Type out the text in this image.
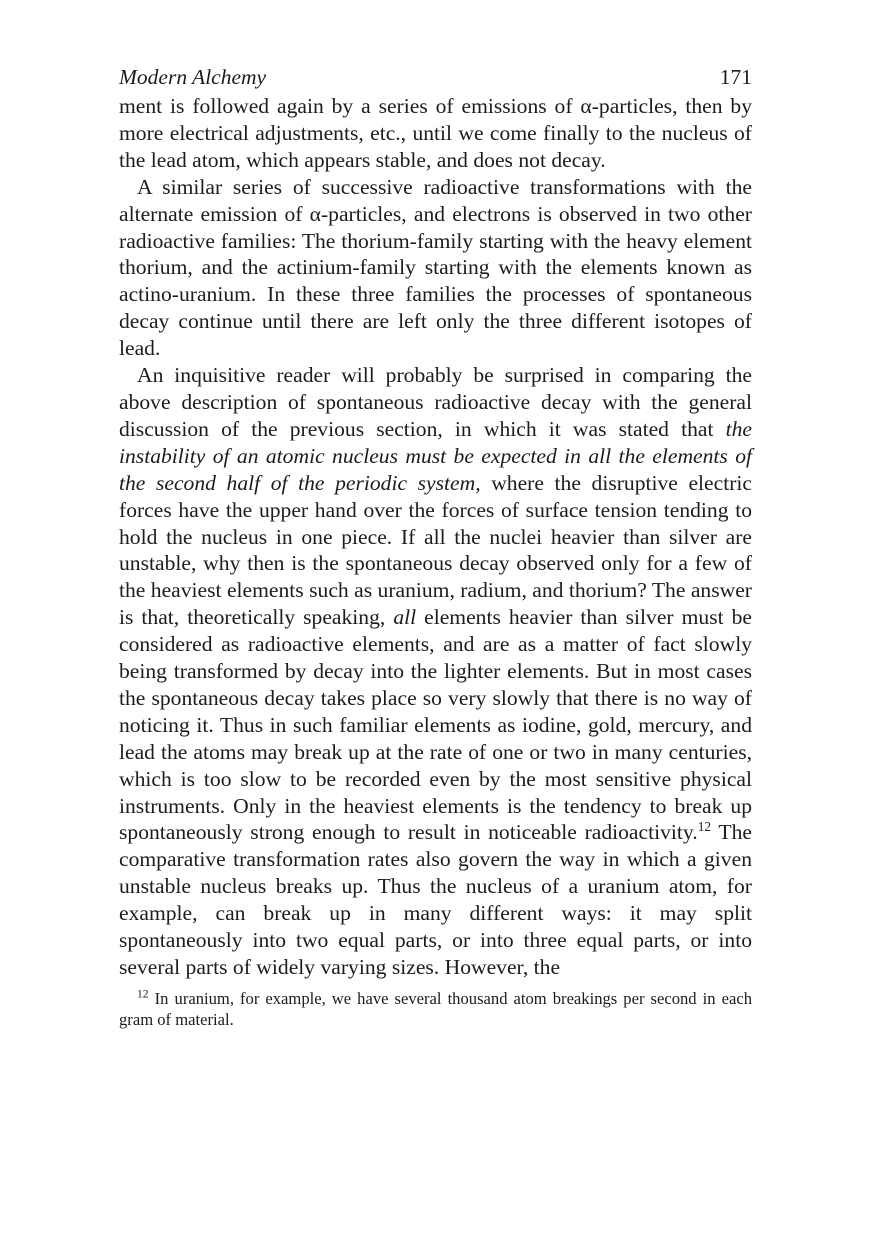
Modern Alchemy	171

ment is followed again by a series of emissions of α-particles, then by more electrical adjustments, etc., until we come finally to the nucleus of the lead atom, which appears stable, and does not decay.

A similar series of successive radioactive transformations with the alternate emission of α-particles, and electrons is observed in two other radioactive families: The thorium-family starting with the heavy element thorium, and the actinium-family starting with the elements known as actino-uranium. In these three families the processes of spontaneous decay continue until there are left only the three different isotopes of lead.

An inquisitive reader will probably be surprised in comparing the above description of spontaneous radioactive decay with the general discussion of the previous section, in which it was stated that the instability of an atomic nucleus must be expected in all the elements of the second half of the periodic system, where the disruptive electric forces have the upper hand over the forces of surface tension tending to hold the nucleus in one piece. If all the nuclei heavier than silver are unstable, why then is the spontaneous decay observed only for a few of the heaviest elements such as uranium, radium, and thorium? The answer is that, theoretically speaking, all elements heavier than silver must be considered as radioactive elements, and are as a matter of fact slowly being transformed by decay into the lighter elements. But in most cases the spontaneous decay takes place so very slowly that there is no way of noticing it. Thus in such familiar elements as iodine, gold, mercury, and lead the atoms may break up at the rate of one or two in many centuries, which is too slow to be recorded even by the most sensitive physical instruments. Only in the heaviest elements is the tendency to break up spontaneously strong enough to result in noticeable radioactivity.$^{12}$ The comparative transformation rates also govern the way in which a given unstable nucleus breaks up. Thus the nucleus of a uranium atom, for example, can break up in many different ways: it may split spontaneously into two equal parts, or into three equal parts, or into several parts of widely varying sizes. However, the

$^{12}$ In uranium, for example, we have several thousand atom breakings per second in each gram of material.
